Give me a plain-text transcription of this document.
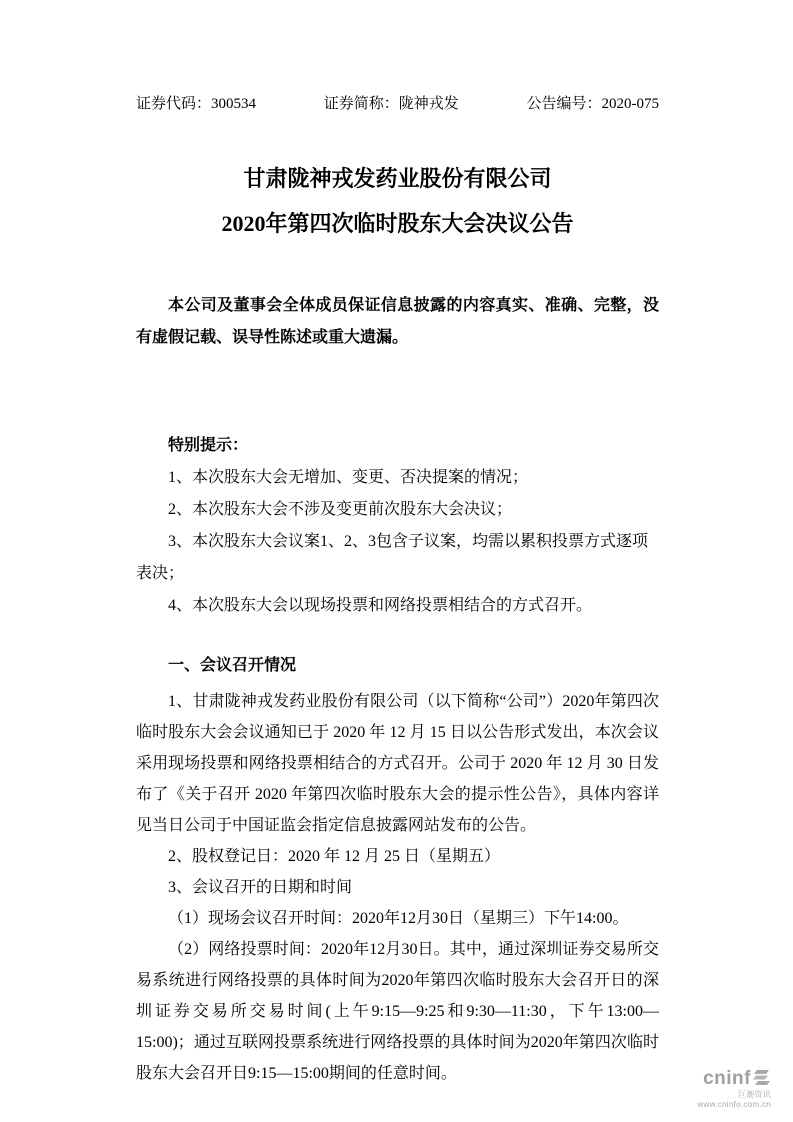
证券代码：300534	证券简称：陇神戎发	公告编号：2020-075
甘肃陇神戎发药业股份有限公司
2020年第四次临时股东大会决议公告
本公司及董事会全体成员保证信息披露的内容真实、准确、完整，没有虚假记载、误导性陈述或重大遗漏。
特别提示：
1、本次股东大会无增加、变更、否决提案的情况；
2、本次股东大会不涉及变更前次股东大会决议；
3、本次股东大会议案1、2、3包含子议案，均需以累积投票方式逐项表决；
4、本次股东大会以现场投票和网络投票相结合的方式召开。
一、会议召开情况

1、甘肃陇神戎发药业股份有限公司（以下简称“公司”）2020年第四次临时股东大会会议通知已于 2020 年 12 月 15 日以公告形式发出，本次会议采用现场投票和网络投票相结合的方式召开。公司于 2020 年 12 月 30 日发布了《关于召开 2020 年第四次临时股东大会的提示性公告》，具体内容详见当日公司于中国证监会指定信息披露网站发布的公告。

2、股权登记日：2020 年 12 月 25 日（星期五）

3、会议召开的日期和时间

（1）现场会议召开时间：2020年12月30日（星期三）下午14:00。

（2）网络投票时间：2020年12月30日。其中，通过深圳证券交易所交易系统进行网络投票的具体时间为2020年第四次临时股东大会召开日的深圳证券交易所交易时间(上午9:15—9:25和9:30—11:30，下午13:00—15:00)；通过互联网投票系统进行网络投票的具体时间为2020年第四次临时股东大会召开日9:15—15:00期间的任意时间。	cninf
巨潮资讯
www.cninfo.com.cn
